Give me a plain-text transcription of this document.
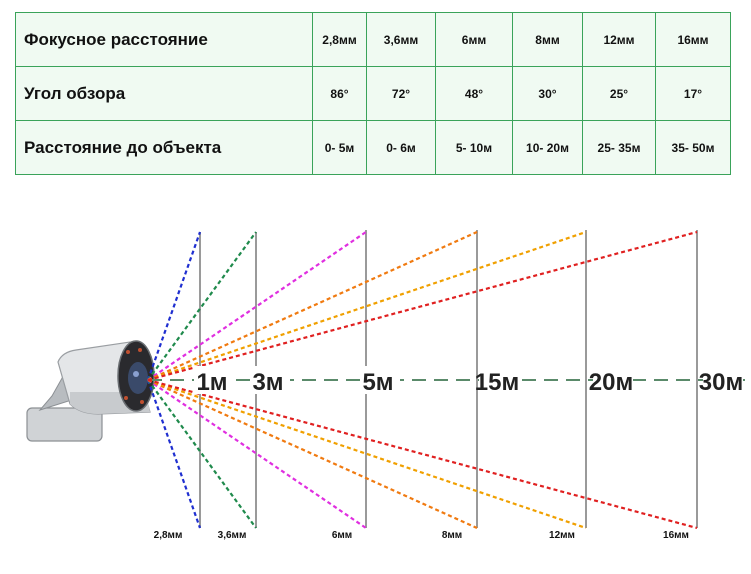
Фокусное расстояние	2,8мм	3,6мм	6мм	8мм	12мм	16мм
Угол обзора	86°	72°	48°	30°	25°	17°
Расстояние до объекта	0- 5м	0- 6м	5- 10м	10- 20м	25- 35м	35- 50м
1м 3м	5м	15м	20м	30м
2,8мм	3,6мм	6мм	8мм	12мм	16мм
